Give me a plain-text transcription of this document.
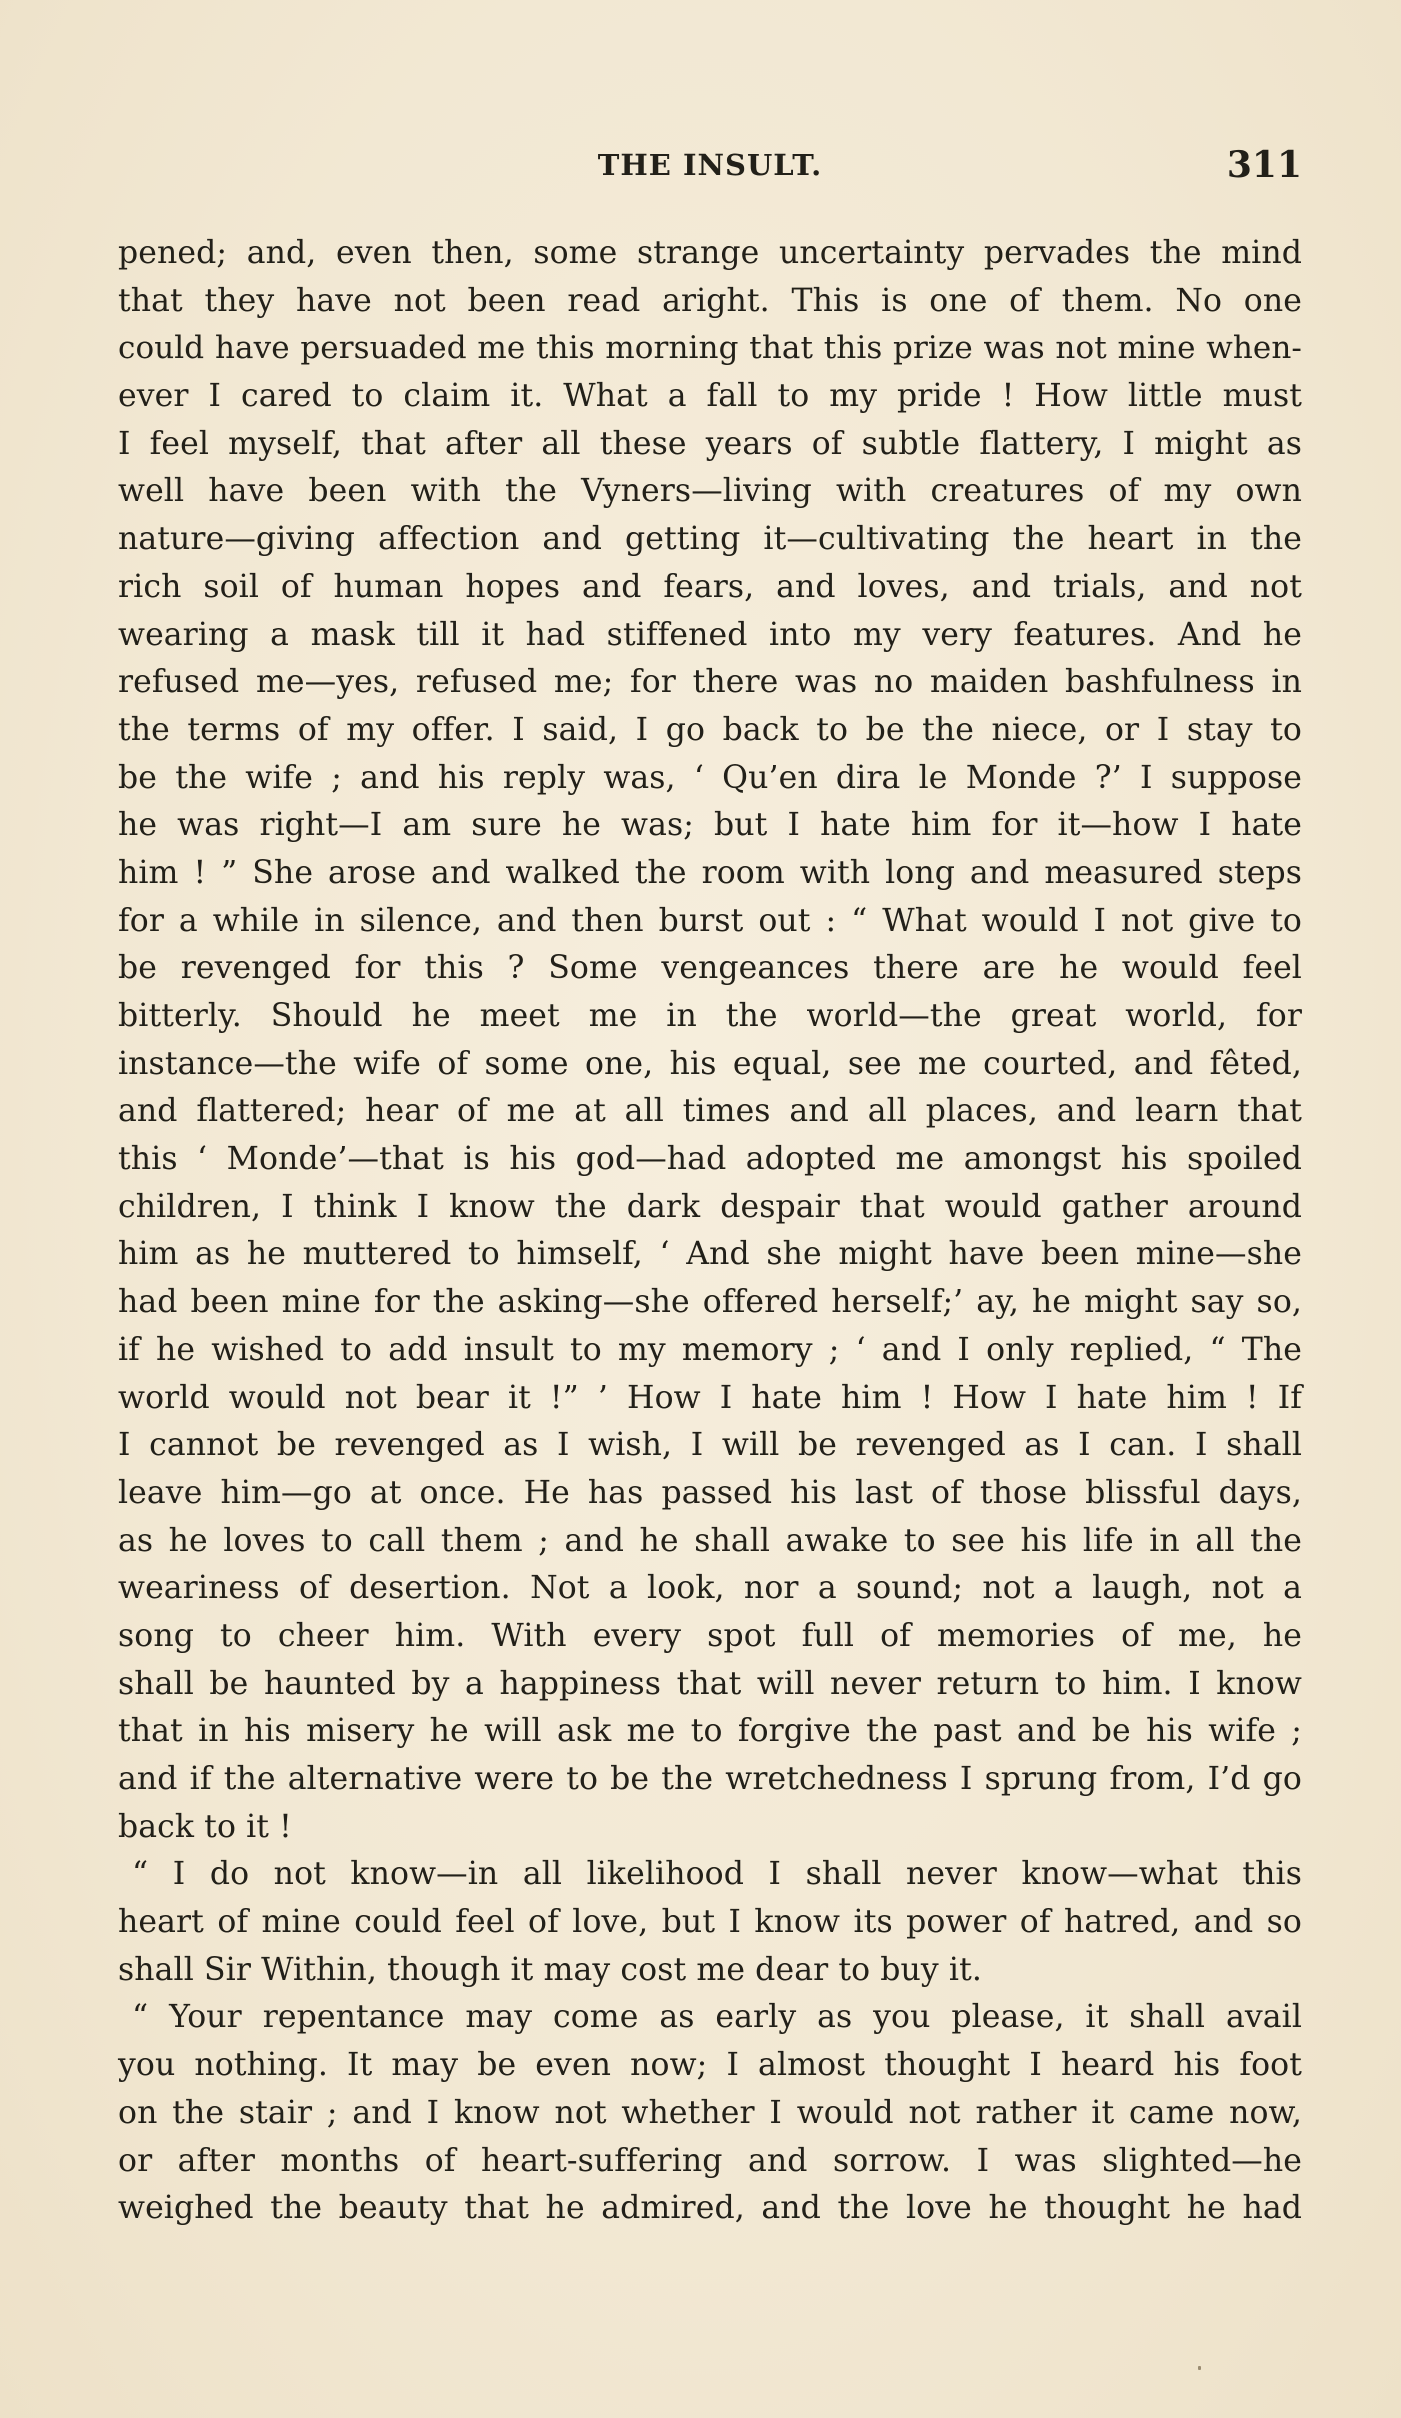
THE INSULT.	311
pened; and, even then, some strange uncertainty pervades the mind
that they have not been read aright. This is one of them. No one
could have persuaded me this morning that this prize was not mine when-
ever I cared to claim it. What a fall to my pride ! How little must
I feel myself, that after all these years of subtle flattery, I might as
well have been with the Vyners—living with creatures of my own
nature—giving affection and getting it—cultivating the heart in the
rich soil of human hopes and fears, and loves, and trials, and not
wearing a mask till it had stiffened into my very features. And he
refused me—yes, refused me; for there was no maiden bashfulness in
the terms of my offer. I said, I go back to be the niece, or I stay to
be the wife ; and his reply was, ‘ Qu’en dira le Monde ?’ I suppose
he was right—I am sure he was; but I hate him for it—how I hate
him ! ” She arose and walked the room with long and measured steps
for a while in silence, and then burst out : “ What would I not give to
be revenged for this ? Some vengeances there are he would feel
bitterly. Should he meet me in the world—the great world, for
instance—the wife of some one, his equal, see me courted, and fêted,
and flattered; hear of me at all times and all places, and learn that
this ‘ Monde’—that is his god—had adopted me amongst his spoiled
children, I think I know the dark despair that would gather around
him as he muttered to himself, ‘ And she might have been mine—she
had been mine for the asking—she offered herself;’ ay, he might say so,
if he wished to add insult to my memory ; ‘ and I only replied, “ The
world would not bear it !” ’ How I hate him ! How I hate him ! If
I cannot be revenged as I wish, I will be revenged as I can. I shall
leave him—go at once. He has passed his last of those blissful days,
as he loves to call them ; and he shall awake to see his life in all the
weariness of desertion. Not a look, nor a sound; not a laugh, not a
song to cheer him. With every spot full of memories of me, he
shall be haunted by a happiness that will never return to him. I know
that in his misery he will ask me to forgive the past and be his wife ;
and if the alternative were to be the wretchedness I sprung from, I’d go
back to it !
“ I do not know—in all likelihood I shall never know—what this
heart of mine could feel of love, but I know its power of hatred, and so
shall Sir Within, though it may cost me dear to buy it.
“ Your repentance may come as early as you please, it shall avail
you nothing. It may be even now; I almost thought I heard his foot
on the stair ; and I know not whether I would not rather it came now,
or after months of heart-suffering and sorrow. I was slighted—he
weighed the beauty that he admired, and the love he thought he had
